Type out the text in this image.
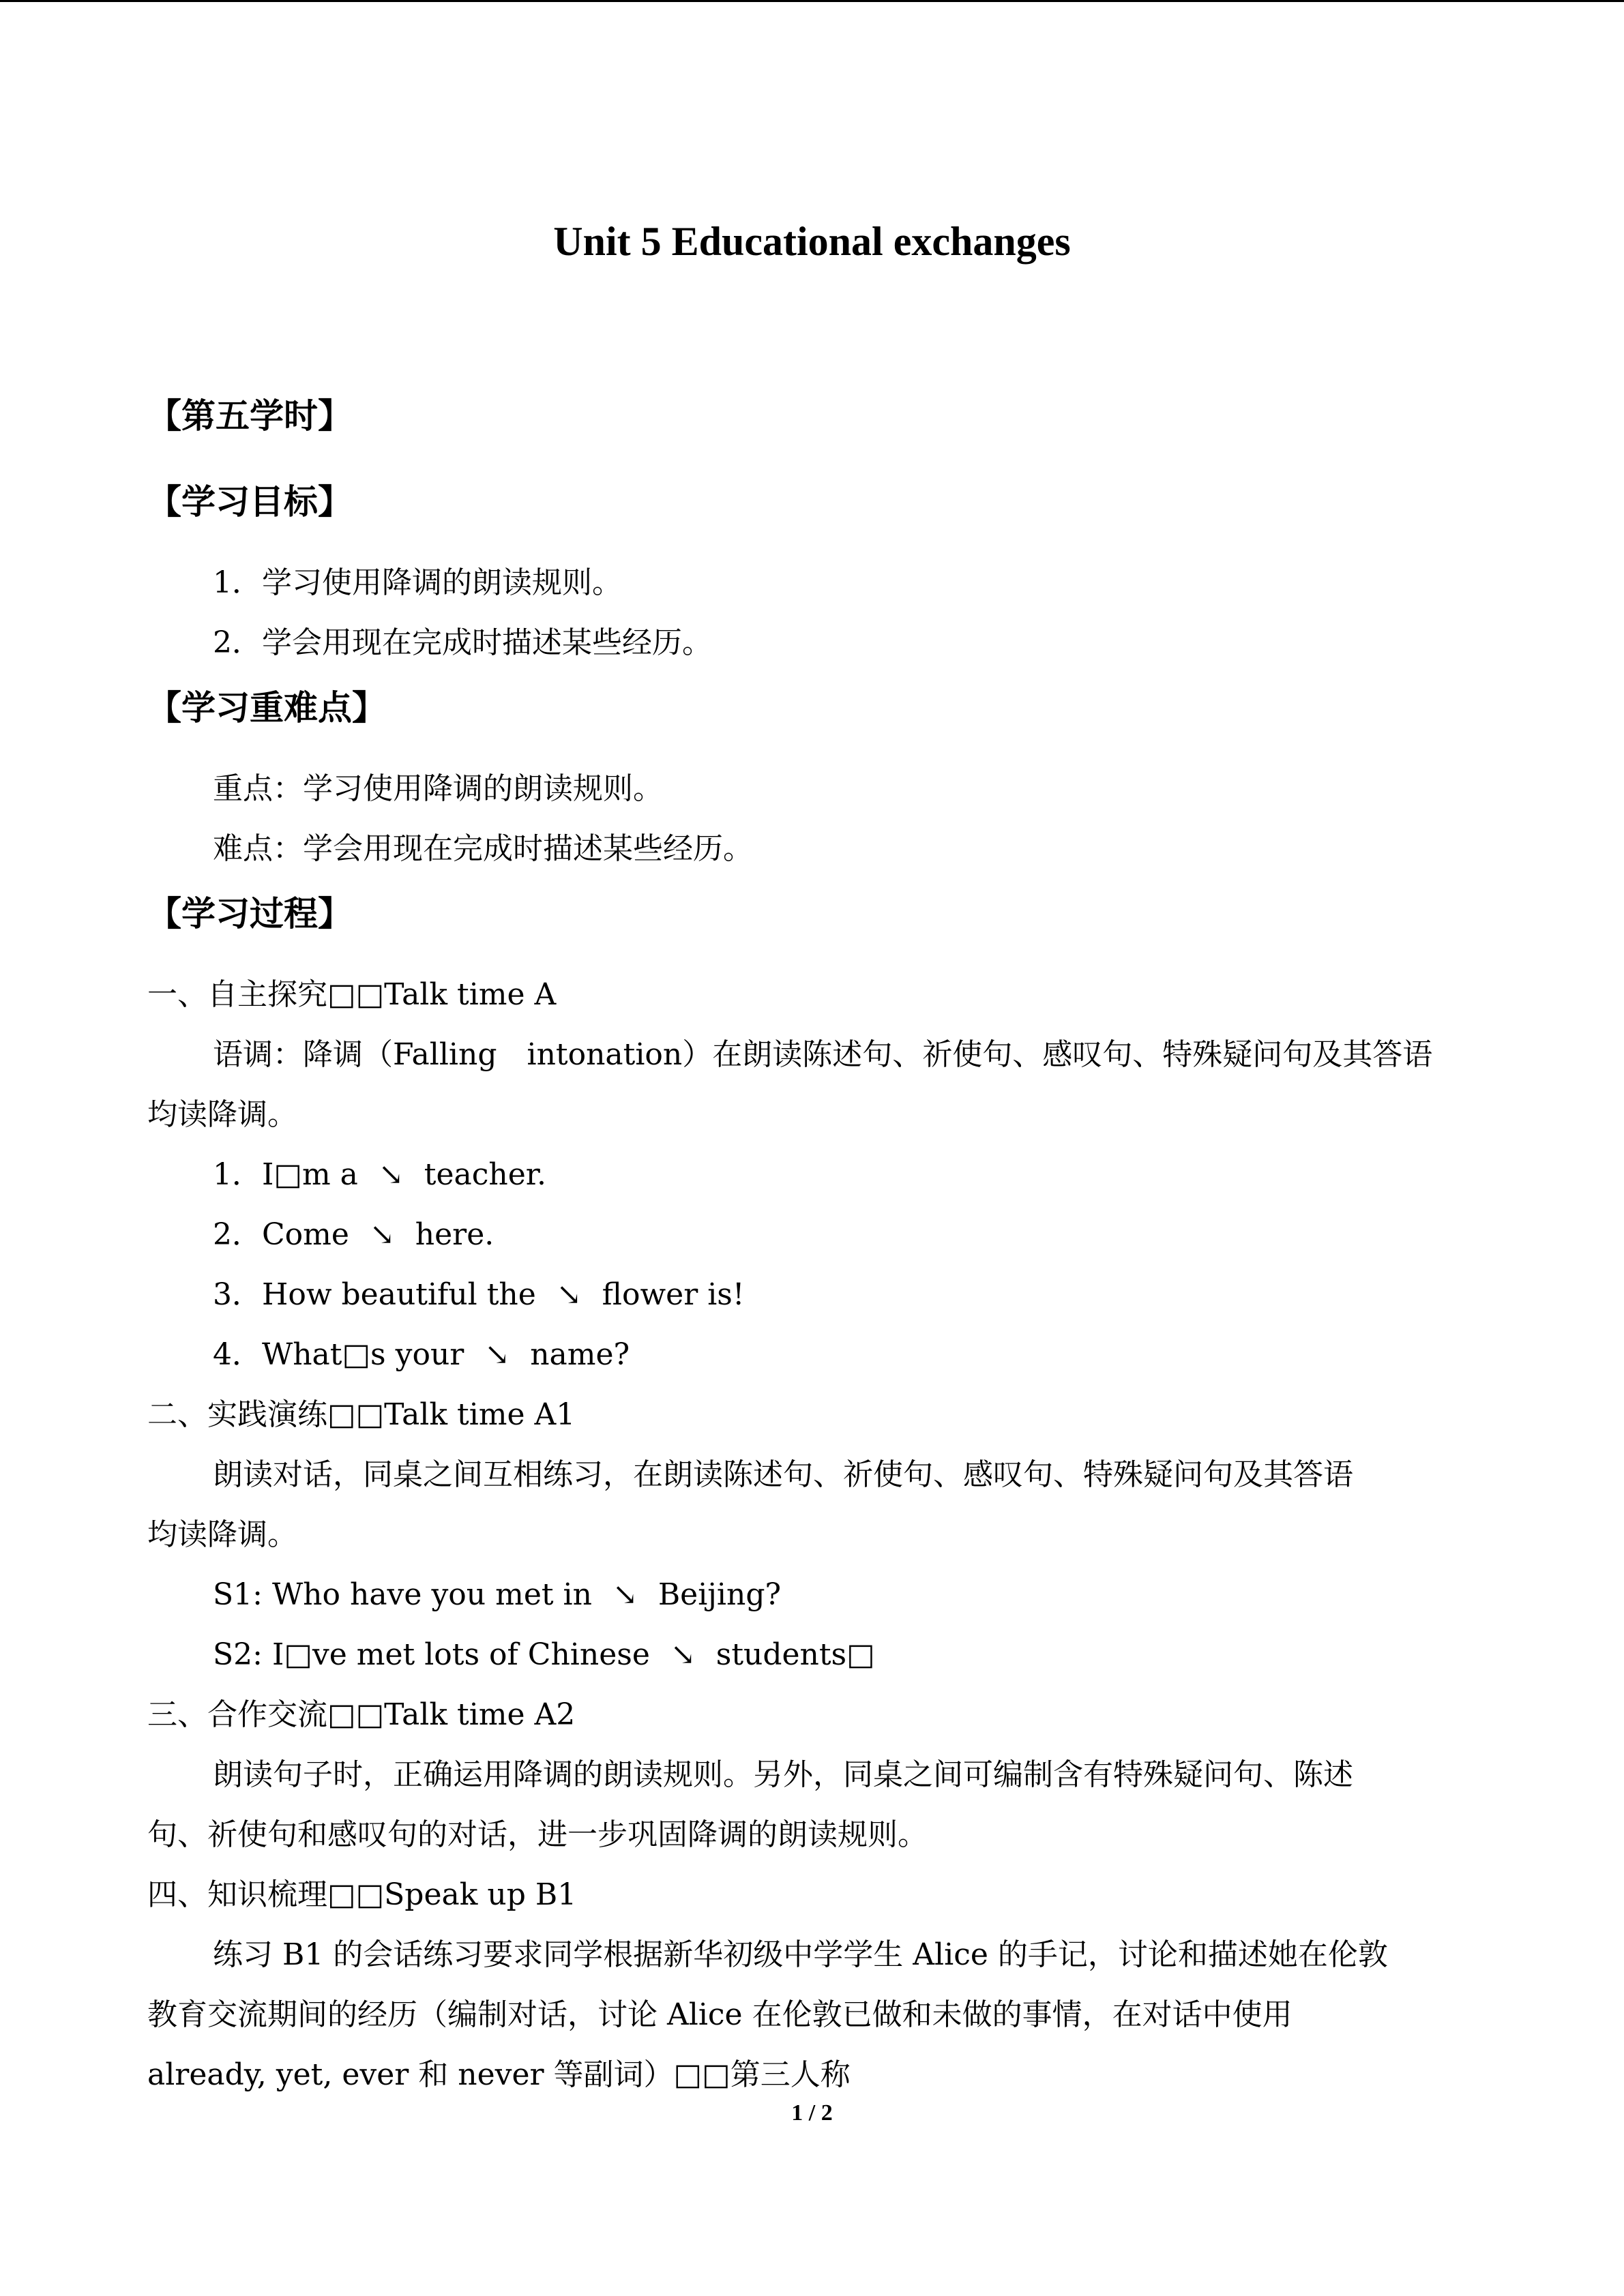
Unit 5 Educational exchanges
【第五学时】
【学习目标】
1．学习使用降调的朗读规则。
2．学会用现在完成时描述某些经历。
【学习重难点】
重点：学习使用降调的朗读规则。
难点：学会用现在完成时描述某些经历。
【学习过程】
一、自主探究□□Talk time A
语调：降调（Falling　intonation）在朗读陈述句、祈使句、感叹句、特殊疑问句及其答语
均读降调。
1．I□m a ↘ teacher.
2．Come ↘ here.
3．How beautiful the ↘ flower is!
4．What□s your ↘ name?
二、实践演练□□Talk time A1
朗读对话，同桌之间互相练习，在朗读陈述句、祈使句、感叹句、特殊疑问句及其答语
均读降调。
S1: Who have you met in ↘ Beijing?
S2: I□ve met lots of Chinese ↘ students□
三、合作交流□□Talk time A2
朗读句子时，正确运用降调的朗读规则。另外，同桌之间可编制含有特殊疑问句、陈述
句、祈使句和感叹句的对话，进一步巩固降调的朗读规则。
四、知识梳理□□Speak up B1
练习 B1 的会话练习要求同学根据新华初级中学学生 Alice 的手记，讨论和描述她在伦敦
教育交流期间的经历（编制对话，讨论 Alice 在伦敦已做和未做的事情，在对话中使用
already, yet, ever 和 never 等副词）□□第三人称
1 / 2
